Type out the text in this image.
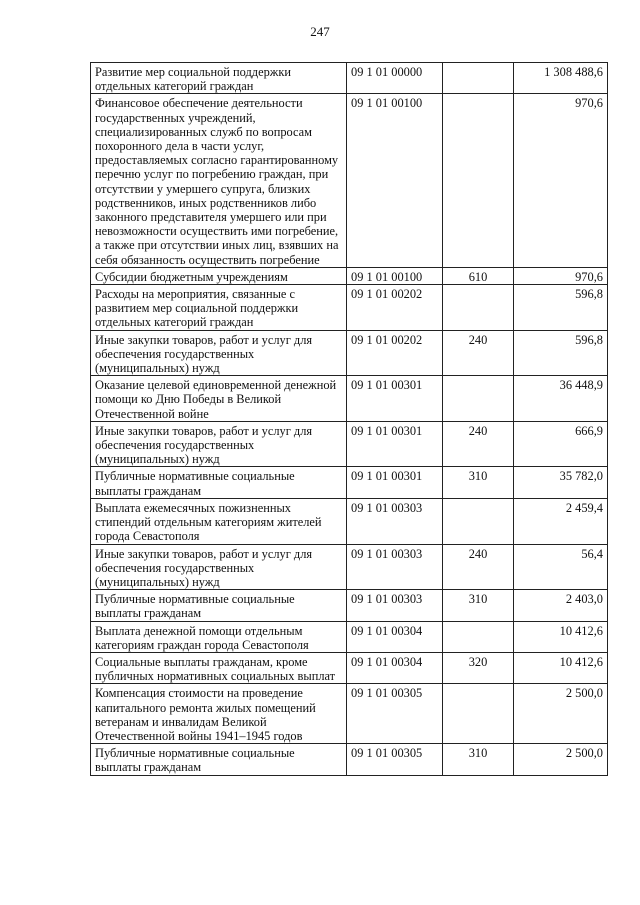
247
Развитие мер социальной поддержки отдельных категорий граждан	09 1 01 00000		1 308 488,6
Финансовое обеспечение деятельности государственных учреждений, специализированных служб по вопросам похоронного дела в части услуг, предоставляемых согласно гарантированному перечню услуг по погребению граждан, при отсутствии у умершего супруга, близких родственников, иных родственников либо законного представителя умершего или при невозможности осуществить ими погребение, а также при отсутствии иных лиц, взявших на себя обязанность осуществить погребение	09 1 01 00100		970,6
Субсидии бюджетным учреждениям	09 1 01 00100	610	970,6
Расходы на мероприятия, связанные с развитием мер социальной поддержки отдельных категорий граждан	09 1 01 00202		596,8
Иные закупки товаров, работ и услуг для обеспечения государственных (муниципальных) нужд	09 1 01 00202	240	596,8
Оказание целевой единовременной денежной помощи ко Дню Победы в Великой Отечественной войне	09 1 01 00301		36 448,9
Иные закупки товаров, работ и услуг для обеспечения государственных (муниципальных) нужд	09 1 01 00301	240	666,9
Публичные нормативные социальные выплаты гражданам	09 1 01 00301	310	35 782,0
Выплата ежемесячных пожизненных стипендий отдельным категориям жителей города Севастополя	09 1 01 00303		2 459,4
Иные закупки товаров, работ и услуг для обеспечения государственных (муниципальных) нужд	09 1 01 00303	240	56,4
Публичные нормативные социальные выплаты гражданам	09 1 01 00303	310	2 403,0
Выплата денежной помощи отдельным категориям граждан города Севастополя	09 1 01 00304		10 412,6
Социальные выплаты гражданам, кроме публичных нормативных социальных выплат	09 1 01 00304	320	10 412,6
Компенсация стоимости на проведение капитального ремонта жилых помещений ветеранам и инвалидам Великой Отечественной войны 1941–1945 годов	09 1 01 00305		2 500,0
Публичные нормативные социальные выплаты гражданам	09 1 01 00305	310	2 500,0
